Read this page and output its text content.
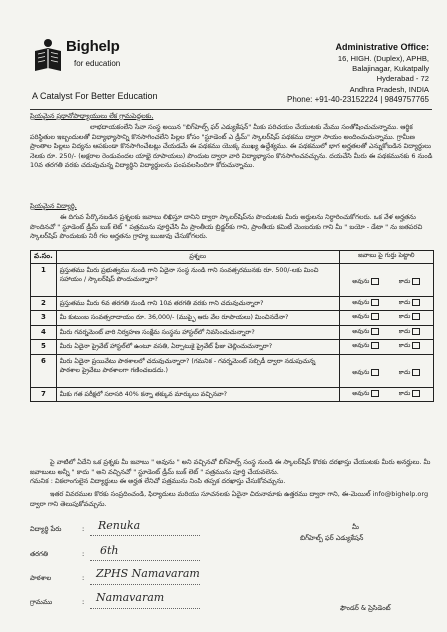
Bighelp
for education
A Catalyst For Better Education
Administrative Office:
16, HIGH. (Duplex), APHB,
Balajinagar, Kukatpally
Hyderabad - 72
Andhra Pradesh, INDIA
Phone: +91-40-23152224 | 9849757765
ప్రియమైన ప్రధానోపాధ్యాయులు లేక గ్రామపెద్దలకు,
లాభదాయకంలేని సేవా సంస్థ అయిన "బిగ్‌హెల్ప్ ఫర్ ఎడ్యుకేషన్" మీకు పరిచయం చేయుటకు మేము సంతోషించుచున్నాము. ఆర్థిక పరిస్థితుల ఇబ్బందులతో విద్యాభ్యాసాన్ని కొనసాగించలేని పిల్లల కోసం "స్టూడెంట్ ఎ డ్రీమ్" స్కాలర్‌షిప్ పథకము ద్వారా సాయం అందించుచున్నాము. గ్రామీణ ప్రాంతాల పిల్లలు విద్యను ఆపకుండా కొనసాగించేటట్లు చేయడమే ఈ పథకము యొక్క ముఖ్య ఉద్దేశ్యము. ఈ పథకములో భాగ అర్హతలతో ఎన్నుకోబడిన విద్యార్థులు నెలకు రూ. 250/- (అక్షరాల రెండువందల యాభై రూపాయలు) పొందుట ద్వారా వారి విద్యాభ్యాసం కొనసాగించవచ్చును. దయచేసి మీరు ఈ పథకమునకు 6 నుండి 10వ తరగతి వరకు చదువుచున్న విద్యార్థిని విద్యార్థులను పంపవలసిందిగా కోరుచున్నాము.
ప్రియమైన విద్యార్థి,
ఈ దిగువ పేర్కొనబడిన ప్రశ్నలకు జవాబు లిఖిస్తూ దానిని ద్వారా స్కాలర్‌షిప్‌ను పొందుటకు మీరు అర్హులను నిర్ధారించుకోగలరు. ఒక వేళ అర్హతను పొందినచో " స్టూడెంట్ డ్రీమ్ బుక్ లెట్ " పత్రమును పూర్తిచేసి మీ ప్రాంతీయ బ్రిడ్జర్‌కు గాని, ప్రాంతీయ కమిటీ మెంబరుకు గాని మీ " బయో - డేటా " ను జతపరచి స్కాలర్‌షిప్ పొందుటకు నిరీ గల అర్హతను గ్రాహ్య ఋజువు చేసుకోగలరు.
వ.సం.	ప్రశ్నలు	జవాబు పై గుర్తు పెట్టాలి
1	ప్రస్తుతము మీరు ప్రభుత్వము నుండి గాని ఏదైనా సంస్థ నుండి గాని సంవత్సరమునకు రూ. 500/-లకు మించి సహాయం / స్కాలర్‌షిప్ పొందుచున్నారా?	అవును కాదు

2	ప్రస్తుతము మీరు 6వ తరగతి నుండి గాని 10వ తరగతి వరకు గాని చదువుచున్నారా?	అవును కాదు

3	మీ కుటుంబ సంవత్సరాదాయం రూ. 36,000/- (ముప్ఫై ఆరు వేల రూపాయలు) మించినదేనా?	అవును కాదు

4	మీరు గవర్నమెంట్ వారి నిర్వహణ సంక్షేమ సంస్థను హాస్టల్‌లో నివసించుచున్నారా?	అవును కాదు

5	మీరు ఏదైనా ప్రైవేట్ హాస్టల్‌లో ఉంటూ వసతి, ఏర్పాటుకై ప్రైవేట్ ఫీజు చెల్లించుచున్నారా?	అవును కాదు

6	మీరు ఏదైనా ప్రయివేటు పాఠశాలలో చదువుచున్నారా? (గమనిక - గవర్నమెంట్ సబ్సిడీ ద్వారా నడుపుచున్న పాఠశాల ప్రైవేటు పాఠశాలగా గణించబడదు.)	అవును కాదు

7	మీకు గత పరీక్షలో సరాసరి 40% కన్నా తక్కువ మార్కులు వచ్చినవా?	అవును కాదు
పై వాటిలో ఏదేని ఒక ప్రశ్నకు మీ జవాబు " అవును " అని వచ్చినచో బిగ్‌హెల్ప్ సంస్థ నుండి ఈ స్కాలర్‌షిప్ కొరకు దరఖాస్తు చేయుటకు మీరు అనర్హులు. మీ జవాబులు అన్నీ " కాదు " అని వచ్చినచో " స్టూడెంట్ డ్రీమ్ బుక్ లెట్ " పత్రమును పూర్తి చేయవలెను.
గమనిక : వికలాంగులైన విద్యార్థులు ఈ అర్హత లేనిచో పత్రమును నింపి తప్పక దరఖాస్తు చేసుకోవచ్చును.
ఇతర వివరముల కొరకు సంప్రదించండి, ఫిర్యాదులు మరియు సూచనలకు ఏదైనా చిరునామాకు ఉత్తరము ద్వారా గాని, ఈ-మెయిల్ info@bighelp.org ద్వారా గాని తెలుపుకోవచ్చును.
విద్యార్థి పేరు	: Renuka
తరగతి	: 6th
పాఠశాల	: ZPHS Namavaram
గ్రామము	: Namavaram
మీ
బిగ్‌హెల్ప్ ఫర్ ఎడ్యుకేషన్
ఫౌండర్ & ప్రెసిడెంట్
